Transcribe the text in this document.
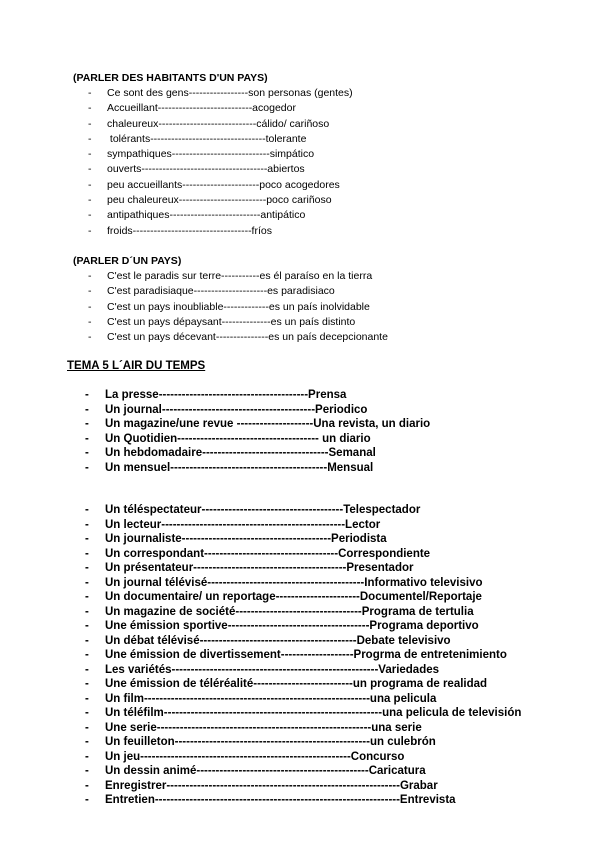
(PARLER DES HABITANTS D'UN PAYS)
- Ce sont des gens-----------------son personas (gentes)
- Accueillant---------------------------acogedor
- chaleureux----------------------------cálido/ cariñoso
- tolérants---------------------------------tolerante
- sympathiques----------------------------simpático
- ouverts------------------------------------abiertos
- peu accueillants----------------------poco acogedores
- peu chaleureux-------------------------poco cariñoso
- antipathiques--------------------------antipático
- froids----------------------------------fríos
(PARLER D´UN PAYS)
- C'est le paradis sur terre-----------es él paraíso en la tierra
- C'est paradisiaque---------------------es paradisiaco
- C'est un pays inoubliable-------------es un país inolvidable
- C'est un pays dépaysant--------------es un país distinto
- C'est un pays décevant---------------es un país decepcionante
TEMA 5 L´AIR DU TEMPS
- La presse---------------------------------------Prensa
- Un journal----------------------------------------Periodico
- Un magazine/une revue --------------------Una revista, un diario
- Un Quotidien------------------------------------- un diario
- Un hebdomadaire---------------------------------Semanal
- Un mensuel-----------------------------------------Mensual
- Un téléspectateur-------------------------------------Telespectador
- Un lecteur------------------------------------------------Lector
- Un journaliste---------------------------------------Periodista
- Un correspondant-----------------------------------Correspondiente
- Un présentateur----------------------------------------Presentador
- Un journal télévisé-----------------------------------------Informativo televisivo
- Un documentaire/ un reportage----------------------Documentel/Reportaje
- Un magazine de société---------------------------------Programa de tertulia
- Une émission sportive-------------------------------------Programa deportivo
- Un débat télévisé-----------------------------------------Debate televisivo
- Une émission de divertissement-------------------Progrma de entretenimiento
- Les variétés------------------------------------------------------Variedades
- Une émission de téléréalité--------------------------un programa de realidad
- Un film-----------------------------------------------------------una pelicula
- Un téléfilm---------------------------------------------------------una pelicula de televisión
- Une serie--------------------------------------------------------una serie
- Un feuilleton---------------------------------------------------un culebrón
- Un jeu-------------------------------------------------------Concurso
- Un dessin animé---------------------------------------------Caricatura
- Enregistrer-------------------------------------------------------------Grabar
- Entretien----------------------------------------------------------------Entrevista
